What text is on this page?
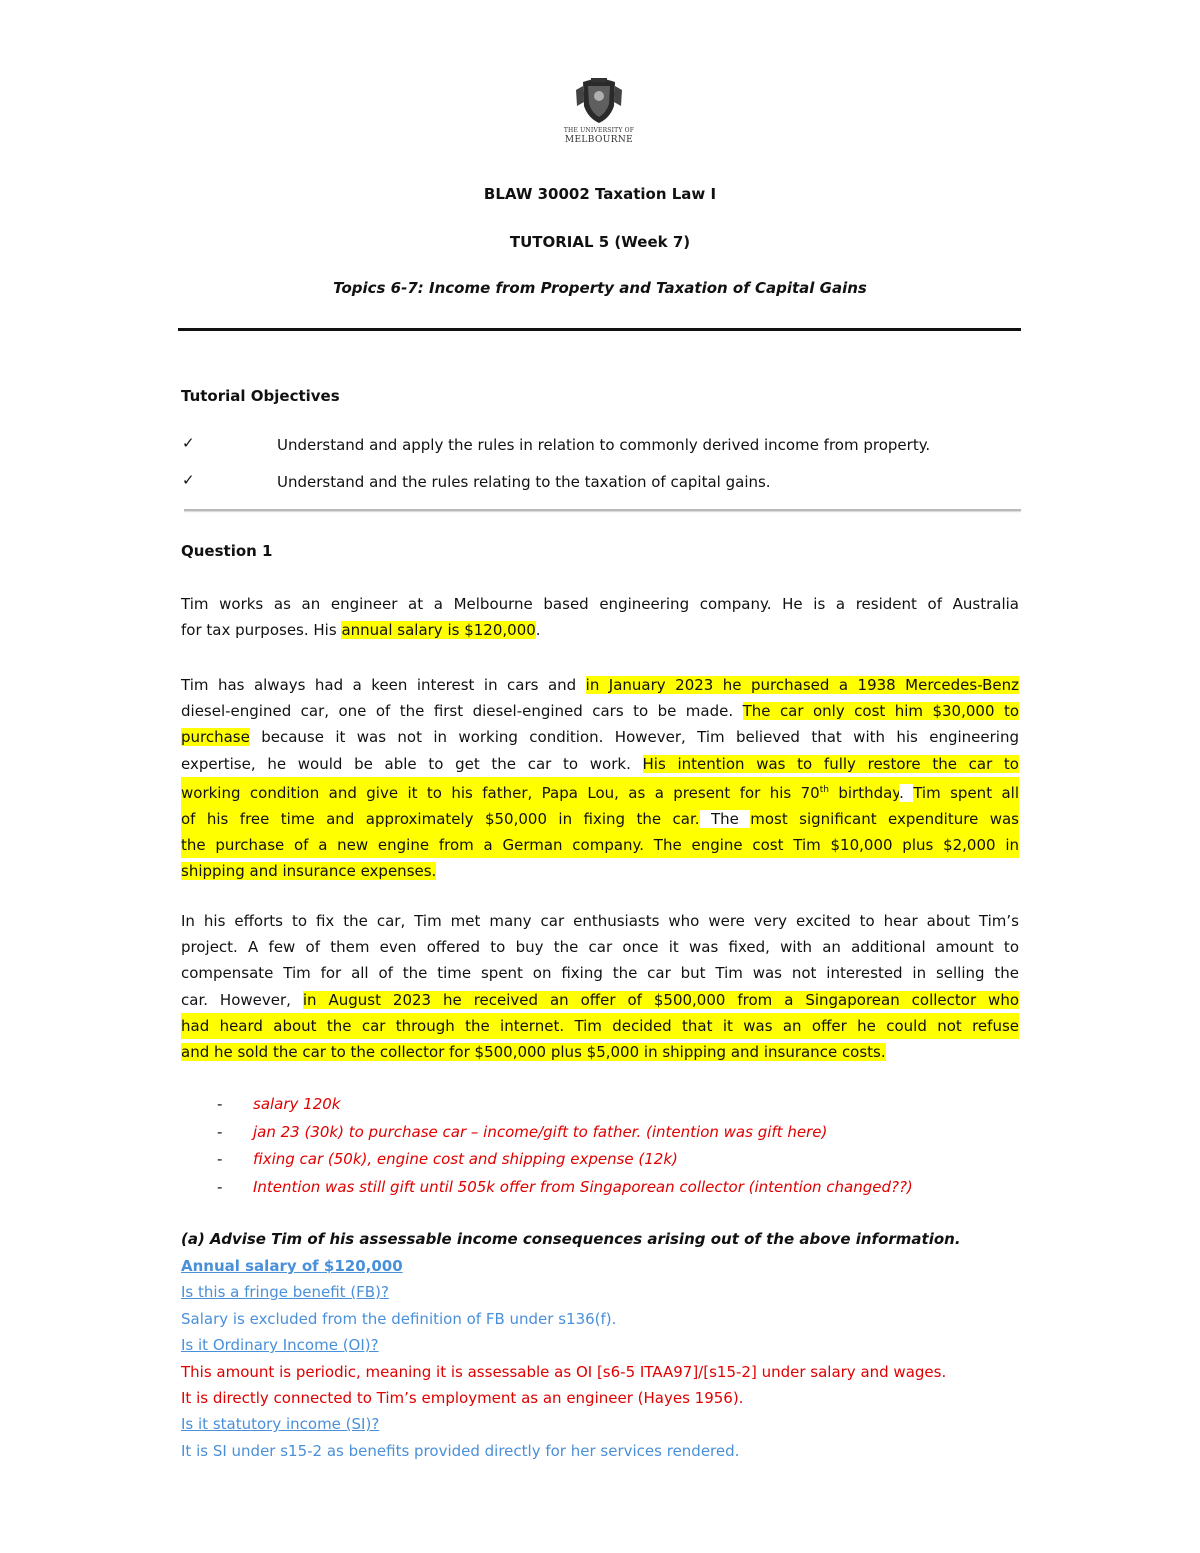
THE UNIVERSITY OF
MELBOURNE
BLAW 30002 Taxation Law I
TUTORIAL 5 (Week 7)
Topics 6-7: Income from Property and Taxation of Capital Gains
Tutorial Objectives
✓	Understand and apply the rules in relation to commonly derived income from property.
✓	Understand and the rules relating to the taxation of capital gains.
Question 1
Tim works as an engineer at a Melbourne based engineering company. He is a resident of Australia
for tax purposes. His annual salary is $120,000.
Tim has always had a keen interest in cars and in January 2023 he purchased a 1938 Mercedes-Benz
diesel-engined car, one of the first diesel-engined cars to be made. The car only cost him $30,000 to
purchase because it was not in working condition. However, Tim believed that with his engineering
expertise, he would be able to get the car to work. His intention was to fully restore the car to
working condition and give it to his father, Papa Lou, as a present for his 70th birthday. Tim spent all
of his free time and approximately $50,000 in fixing the car. The most significant expenditure was
the purchase of a new engine from a German company. The engine cost Tim $10,000 plus $2,000 in
shipping and insurance expenses.
In his efforts to fix the car, Tim met many car enthusiasts who were very excited to hear about Tim’s
project. A few of them even offered to buy the car once it was fixed, with an additional amount to
compensate Tim for all of the time spent on fixing the car but Tim was not interested in selling the
car. However, in August 2023 he received an offer of $500,000 from a Singaporean collector who
had heard about the car through the internet. Tim decided that it was an offer he could not refuse
and he sold the car to the collector for $500,000 plus $5,000 in shipping and insurance costs.
- salary 120k
- jan 23 (30k) to purchase car – income/gift to father. (intention was gift here)
- fixing car (50k), engine cost and shipping expense (12k)
- Intention was still gift until 505k offer from Singaporean collector (intention changed??)
(a) Advise Tim of his assessable income consequences arising out of the above information.
Annual salary of $120,000
Is this a fringe benefit (FB)?
Salary is excluded from the definition of FB under s136(f).
Is it Ordinary Income (OI)?
This amount is periodic, meaning it is assessable as OI [s6-5 ITAA97]/[s15-2] under salary and wages.
It is directly connected to Tim’s employment as an engineer (Hayes 1956).
Is it statutory income (SI)?
It is SI under s15-2 as benefits provided directly for her services rendered.
